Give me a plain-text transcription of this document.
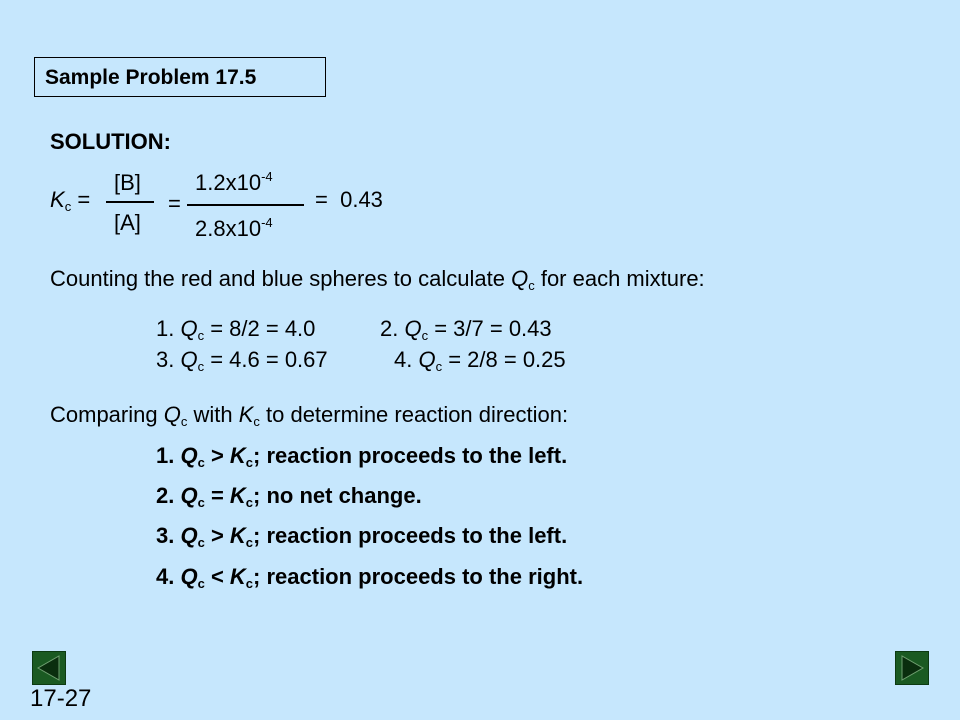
Sample Problem 17.5
SOLUTION:
$K_c$ =
[B]
[A]
=
$1.2x10^{-4}$
$2.8x10^{-4}$
= 0.43
Counting the red and blue spheres to calculate $Q_c$ for each mixture:
1. $Q_c = 8/2 = 4.0$	2. $Q_c = 3/7 = 0.43$
3. $Q_c = 4.6 = 0.67$	4. $Q_c = 2/8 = 0.25$
Comparing $Q_c$ with $K_c$ to determine reaction direction:
1. $Q_c > K_c$; reaction proceeds to the left.
2. $Q_c = K_c$; no net change.
3. $Q_c > K_c$; reaction proceeds to the left.
4. $Q_c < K_c$; reaction proceeds to the right.
17-27
